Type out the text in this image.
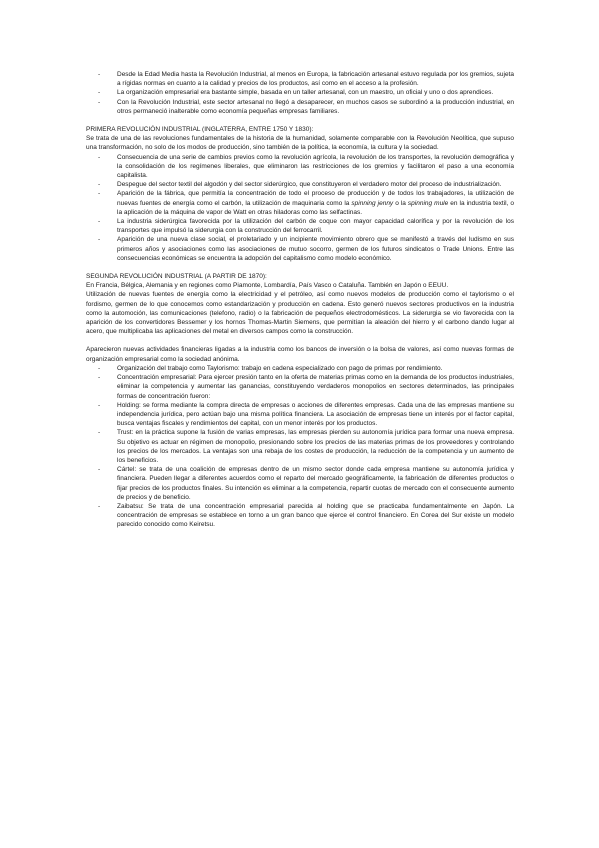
- Desde la Edad Media hasta la Revolución Industrial, al menos en Europa, la fabricación artesanal estuvo regulada por los gremios, sujeta a rígidas normas en cuanto a la calidad y precios de los productos, así como en el acceso a la profesión.
- La organización empresarial era bastante simple, basada en un taller artesanal, con un maestro, un oficial y uno o dos aprendices.
- Con la Revolución Industrial, este sector artesanal no llegó a desaparecer, en muchos casos se subordinó a la producción industrial, en otros permaneció inalterable como economía pequeñas empresas familiares.
PRIMERA REVOLUCIÓN INDUSTRIAL (INGLATERRA, ENTRE 1750 Y 1830):

Se trata de una de las revoluciones fundamentales de la historia de la humanidad, solamente comparable con la Revolución Neolítica, que supuso una transformación, no solo de los modos de producción, sino también de la política, la economía, la cultura y la sociedad.

- Consecuencia de una serie de cambios previos como la revolución agrícola, la revolución de los transportes, la revolución demográfica y la consolidación de los regímenes liberales, que eliminaron las restricciones de los gremios y facilitaron el paso a una economía capitalista.
- Despegue del sector textil del algodón y del sector siderúrgico, que constituyeron el verdadero motor del proceso de industrialización.
- Aparición de la fábrica, que permitía la concentración de todo el proceso de producción y de todos los trabajadores, la utilización de nuevas fuentes de energía como el carbón, la utilización de maquinaria como la spinning jenny o la spinning mule en la industria textil, o la aplicación de la máquina de vapor de Watt en otras hiladoras como las selfactinas.
- La industria siderúrgica favorecida por la utilización del carbón de coque con mayor capacidad calorífica y por la revolución de los transportes que impulsó la siderurgia con la construcción del ferrocarril.
- Aparición de una nueva clase social, el proletariado y un incipiente movimiento obrero que se manifestó a través del ludismo en sus primeros años y asociaciones como las asociaciones de mutuo socorro, germen de los futuros sindicatos o Trade Unions. Entre las consecuencias económicas se encuentra la adopción del capitalismo como modelo económico.
SEGUNDA REVOLUCIÓN INDUSTRIAL (A PARTIR DE 1870):

En Francia, Bélgica, Alemania y en regiones como Piamonte, Lombardía, País Vasco o Cataluña. También en Japón o EEUU.

Utilización de nuevas fuentes de energía como la electricidad y el petróleo, así como nuevos modelos de producción como el taylorismo o el fordismo, germen de lo que conocemos como estandarización y producción en cadena. Esto generó nuevos sectores productivos en la industria como la automoción, las comunicaciones (telefono, radio) o la fabricación de pequeños electrodomésticos. La siderurgia se vio favorecida con la aparición de los convertidores Bessemer y los hornos Thomas-Martin Siemens, que permitían la aleación del hierro y el carbono dando lugar al acero, que multiplicaba las aplicaciones del metal en diversos campos como la construcción.

Aparecieron nuevas actividades financieras ligadas a la industria como los bancos de inversión o la bolsa de valores, así como nuevas formas de organización empresarial como la sociedad anónima.

- Organización del trabajo como Taylorismo: trabajo en cadena especializado con pago de primas por rendimiento.
- Concentración empresarial: Para ejercer presión tanto en la oferta de materias primas como en la demanda de los productos industriales, eliminar la competencia y aumentar las ganancias, constituyendo verdaderos monopolios en sectores determinados, las principales formas de concentración fueron:
- Holding: se forma mediante la compra directa de empresas o acciones de diferentes empresas. Cada una de las empresas mantiene su independencia jurídica, pero actúan bajo una misma política financiera. La asociación de empresas tiene un interés por el factor capital, busca ventajas fiscales y rendimientos del capital, con un menor interés por los productos.
- Trust: en la práctica supone la fusión de varias empresas, las empresas pierden su autonomía jurídica para formar una nueva empresa. Su objetivo es actuar en régimen de monopolio, presionando sobre los precios de las materias primas de los proveedores y controlando los precios de los mercados. La ventajas son una rebaja de los costes de producción, la reducción de la competencia y un aumento de los beneficios.
- Cártel: se trata de una coalición de empresas dentro de un mismo sector donde cada empresa mantiene su autonomía jurídica y financiera. Pueden llegar a diferentes acuerdos como el reparto del mercado geográficamente, la fabricación de diferentes productos o fijar precios de los productos finales. Su intención es eliminar a la competencia, repartir cuotas de mercado con el consecuente aumento de precios y de beneficio.
- Zaibatsu: Se trata de una concentración empresarial parecida al holding que se practicaba fundamentalmente en Japón. La concentración de empresas se establece en torno a un gran banco que ejerce el control financiero. En Corea del Sur existe un modelo parecido conocido como Keiretsu.
